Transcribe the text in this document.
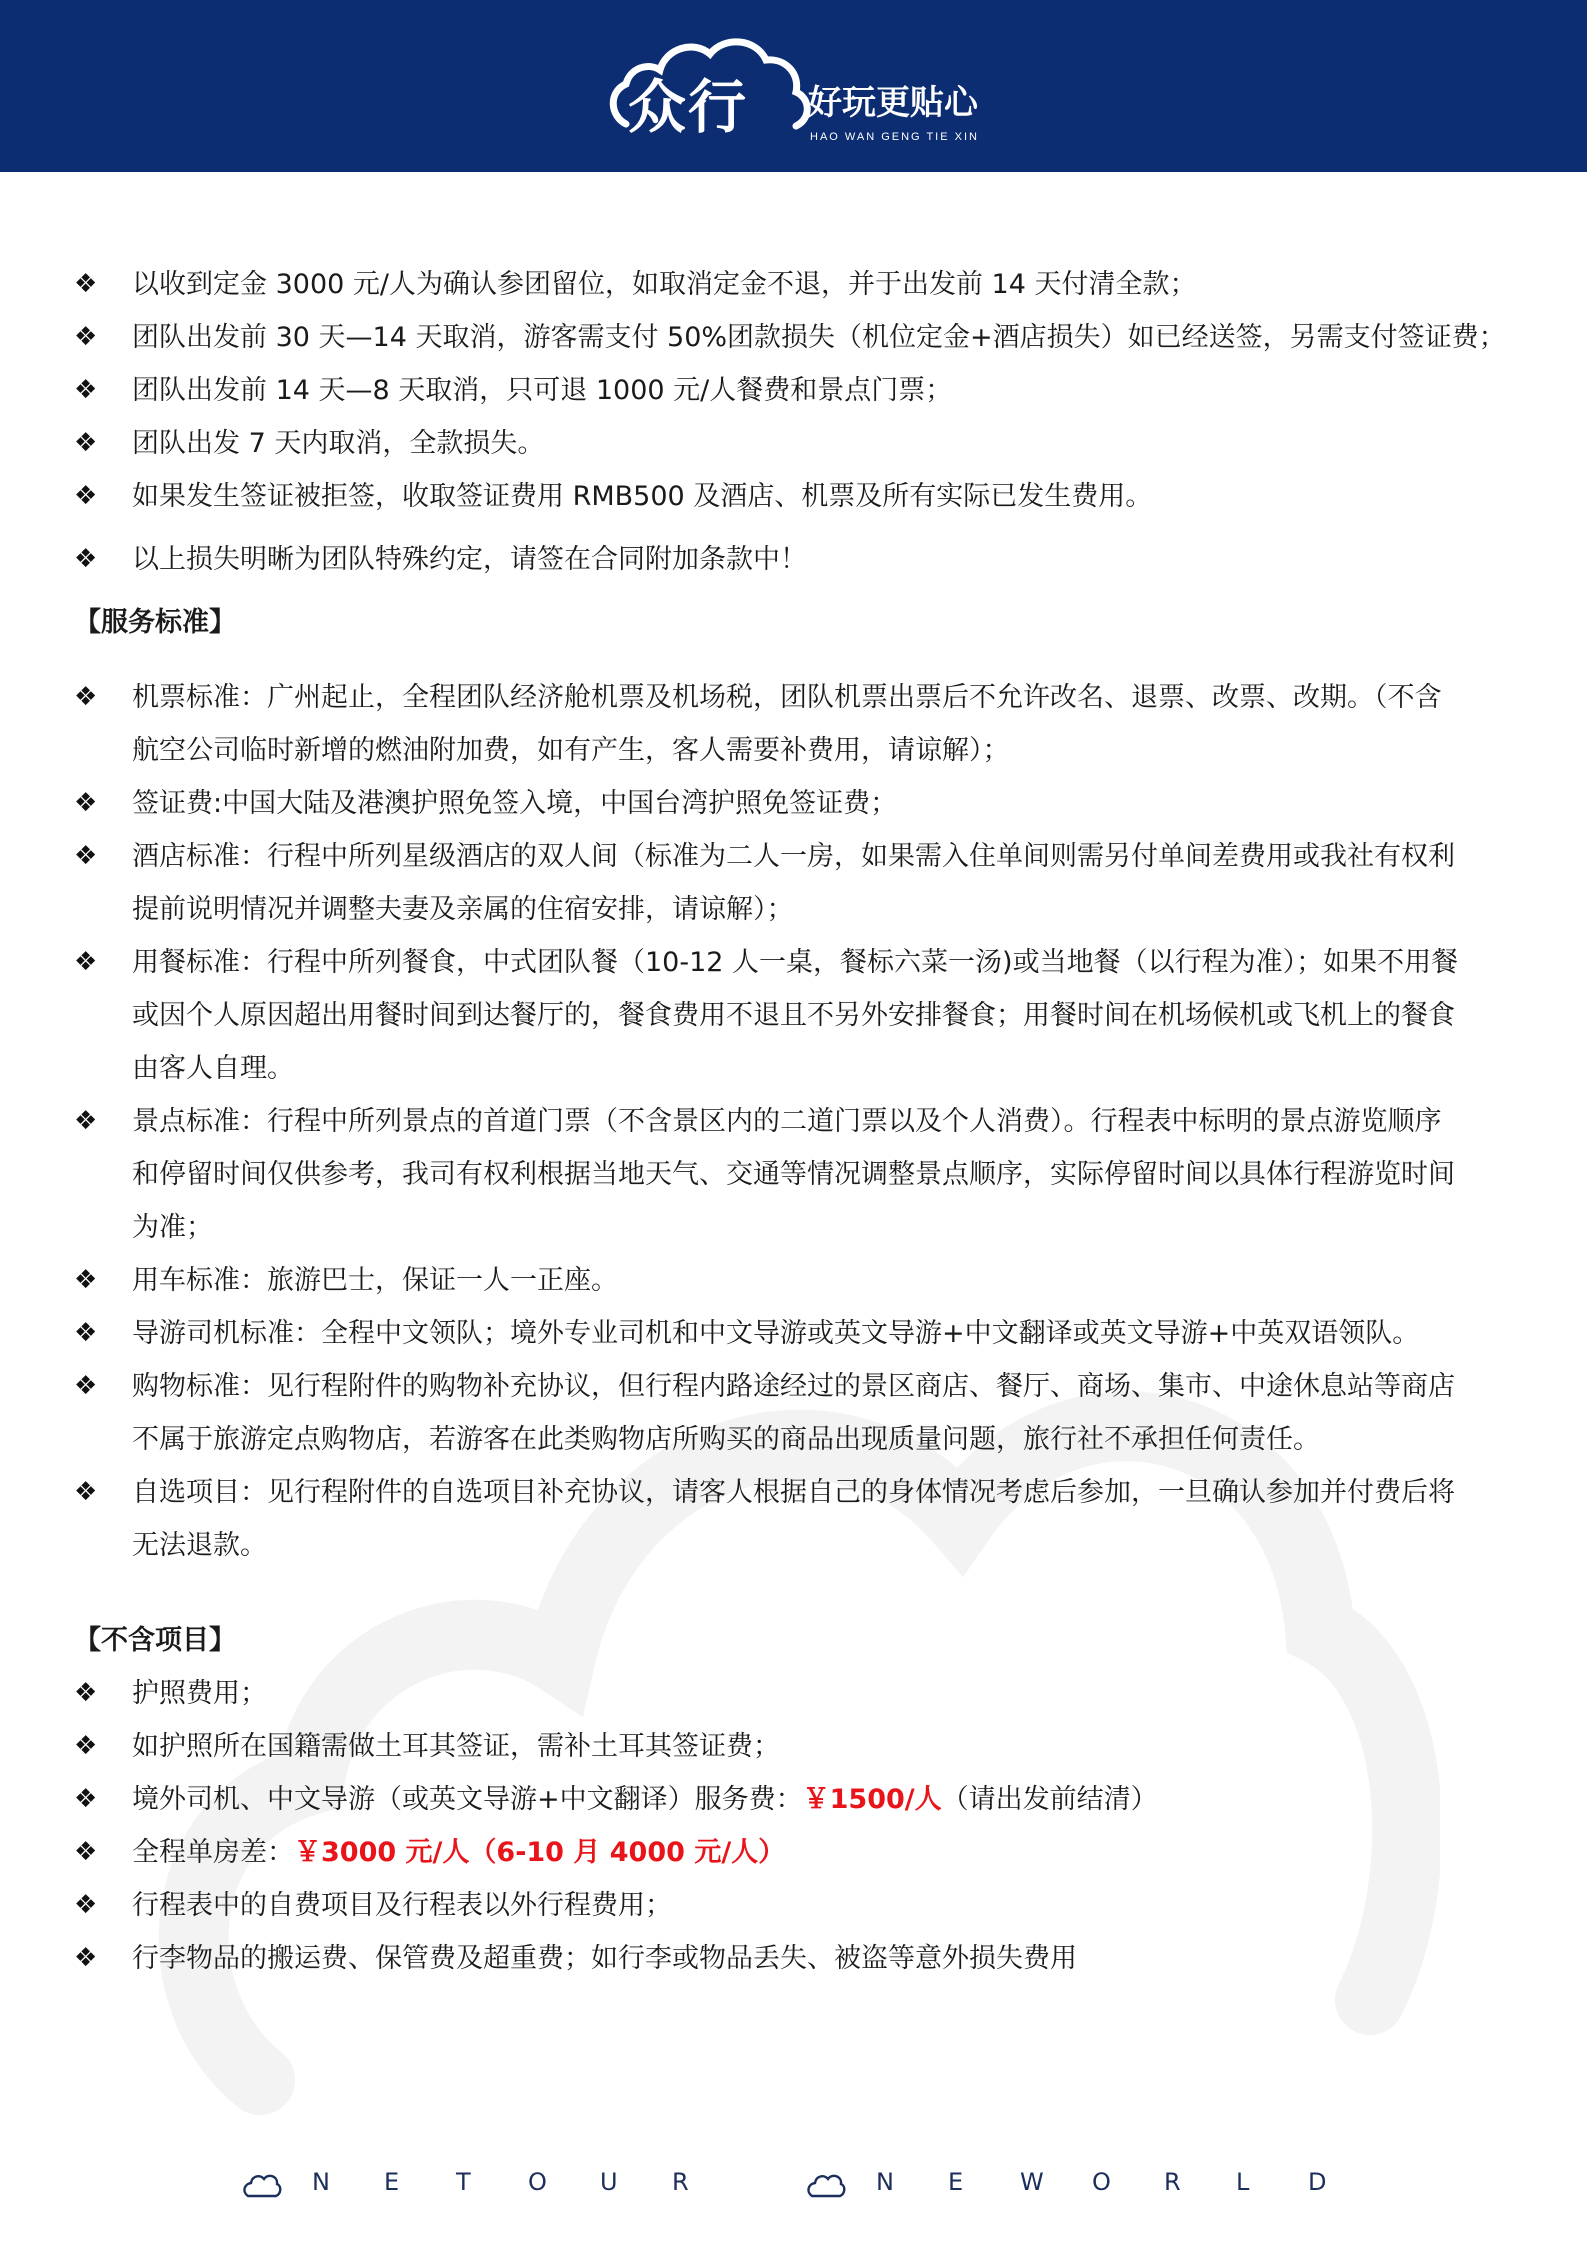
众行 好玩更贴心
HAO WAN GENG TIE XIN
❖ 以收到定金 3000 元/人为确认参团留位，如取消定金不退，并于出发前 14 天付清全款；
❖ 团队出发前 30 天—14 天取消，游客需支付 50%团款损失（机位定金+酒店损失）如已经送签，另需支付签证费；
❖ 团队出发前 14 天—8 天取消，只可退 1000 元/人餐费和景点门票；
❖ 团队出发 7 天内取消，全款损失。
❖ 如果发生签证被拒签，收取签证费用 RMB500 及酒店、机票及所有实际已发生费用。
❖ 以上损失明晰为团队特殊约定，请签在合同附加条款中！
【服务标准】
❖ 机票标准：广州起止，全程团队经济舱机票及机场税，团队机票出票后不允许改名、退票、改票、改期。（不含
航空公司临时新增的燃油附加费，如有产生，客人需要补费用，请谅解）；
❖ 签证费:中国大陆及港澳护照免签入境，中国台湾护照免签证费；
❖ 酒店标准：行程中所列星级酒店的双人间（标准为二人一房，如果需入住单间则需另付单间差费用或我社有权利
提前说明情况并调整夫妻及亲属的住宿安排，请谅解）；
❖ 用餐标准：行程中所列餐食，中式团队餐（10-12 人一桌，餐标六菜一汤)或当地餐（以行程为准）；如果不用餐
或因个人原因超出用餐时间到达餐厅的，餐食费用不退且不另外安排餐食；用餐时间在机场候机或飞机上的餐食
由客人自理。
❖ 景点标准：行程中所列景点的首道门票（不含景区内的二道门票以及个人消费）。行程表中标明的景点游览顺序
和停留时间仅供参考，我司有权利根据当地天气、交通等情况调整景点顺序，实际停留时间以具体行程游览时间
为准；
❖ 用车标准：旅游巴士，保证一人一正座。
❖ 导游司机标准：全程中文领队；境外专业司机和中文导游或英文导游+中文翻译或英文导游+中英双语领队。
❖ 购物标准：见行程附件的购物补充协议，但行程内路途经过的景区商店、餐厅、商场、集市、中途休息站等商店
不属于旅游定点购物店，若游客在此类购物店所购买的商品出现质量问题，旅行社不承担任何责任。
❖ 自选项目：见行程附件的自选项目补充协议，请客人根据自己的身体情况考虑后参加，一旦确认参加并付费后将
无法退款。
【不含项目】
❖ 护照费用；
❖ 如护照所在国籍需做土耳其签证，需补土耳其签证费；
❖ 境外司机、中文导游（或英文导游+中文翻译）服务费：￥1500/人（请出发前结清）
❖ 全程单房差：￥3000 元/人（6-10 月 4000 元/人）
❖ 行程表中的自费项目及行程表以外行程费用；
❖ 行李物品的搬运费、保管费及超重费；如行李或物品丢失、被盗等意外损失费用
N E T O U R	N E W O R L D
